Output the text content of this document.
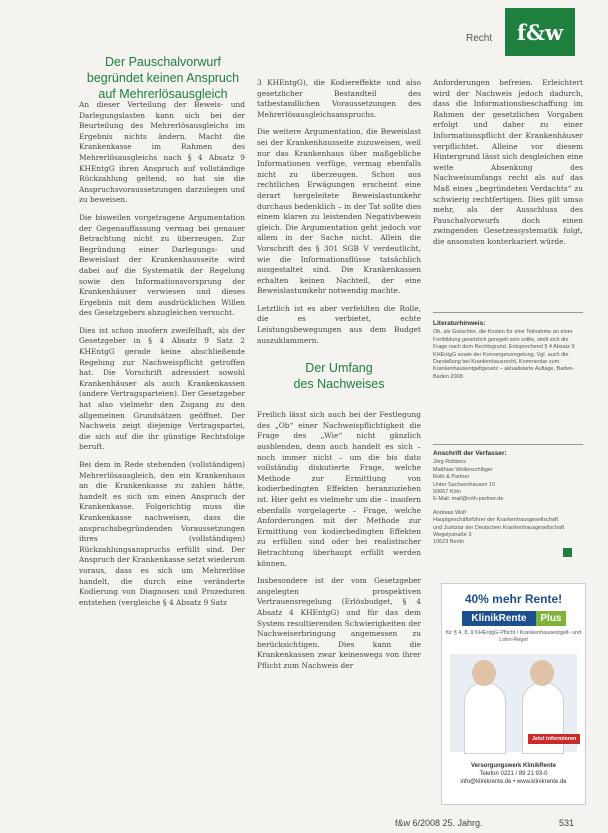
Recht	f&w
Der Pauschalvorwurf
begründet keinen Anspruch
auf Mehrerlösausgleich

An dieser Verteilung der Beweis- und Darlegungslasten kann sich bei der Beurteilung des Mehrerlösausgleichs im Ergebnis nichts ändern. Macht die Krankenkasse im Rahmen des Mehrerlösausgleichs nach § 4 Absatz 9 KHEntgG ihren Anspruch auf vollständige Rückzahlung geltend, so hat sie die Anspruchsvoraussetzungen darzulegen und zu beweisen.

Die bisweilen vorgetragene Argumentation der Gegenauffassung vermag bei genauer Betrachtung nicht zu überzeugen. Zur Begründung einer Darlegungs- und Beweislast der Krankenhausseite wird dabei auf die Systematik der Regelung sowie den Informationsvorsprung der Krankenhäuser verwiesen und dieses Ergebnis mit dem ausdrücklichen Willen des Gesetzgebers abzugleichen versucht.

Dies ist schon insofern zweifelhaft, als der Gesetzgeber in § 4 Absatz 9 Satz 2 KHEntgG gerade keine abschließende Regelung zur Nachweispflicht getroffen hat. Die Vorschrift adressiert sowohl Krankenhäuser als auch Krankenkassen (andere Vertragsparteien). Der Gesetzgeber hat also vielmehr den Zugang zu den allgemeinen Grundsätzen geöffnet. Der Nachweis zeigt diejenige Vertragspartei, die sich auf die ihr günstige Rechtsfolge beruft.

Bei dem in Rede stehenden (vollständigen) Mehrerlösausgleich, den ein Krankenhaus an die Krankenkasse zu zahlen hätte, handelt es sich um einen Anspruch der Krankenkasse. Folgerichtig muss die Krankenkasse nachweisen, dass die anspruchsbegründenden Voraussetzungen ihres (vollständigen) Rückzahlungsanspruchs erfüllt sind. Der Anspruch der Krankenkasse setzt wiederum voraus, dass es sich um Mehrerlöse handelt, die durch eine veränderte Kodierung von Diagnosen und Prozeduren entstehen (vergleiche § 4 Absatz 9 Satz

3 KHEntgG), die Kodiereffekte und also gesetzlicher Bestandteil des tatbestandlichen Voraussetzungen des Mehrerlösausgleichsanspruchs.

Die weitere Argumentation, die Beweislast sei der Krankenhausseite zuzuweisen, weil nur das Krankenhaus über maßgebliche Informationen verfüge, vermag ebenfalls nicht zu überzeugen. Schon aus rechtlichen Erwägungen erscheint eine derart hergeleitete Beweislastumkehr durchaus bedenklich – in der Tat sollte dies einem klaren zu leistenden Negativbeweis gleich. Die Argumentation geht jedoch vor allem in der Sache nicht. Allein die Vorschrift des § 301 SGB V verdeutlicht, wie die Informationsflüsse tatsächlich ausgestaltet sind. Die Krankenkassen erhalten keinen Nachteil, der eine Beweislastumkehr notwendig machte.

Letztlich ist es aber verfehlten die Rolle, die es verbietet, echte Leistungsbewegungen aus dem Budget auszuklammern.

Der Umfang
des Nachweises

Freilich lässt sich auch bei der Festlegung des „Ob“ einer Nachweispflichtigkeit die Frage des „Wie“ nicht gänzlich ausblenden, denn auch handelt es sich – noch immer nicht – um die bis dato vollständig diskutierte Frage, welche Methode zur Ermittlung von kodierbedingten Effekten heranzuziehen ist. Hier geht es vielmehr um die – insofern ebenfalls vorgelagerte – Frage, welche Anforderungen mit der Methode zur Ermittlung von kodierbedingten Effekten zu erfüllen sind oder bei realistischer Betrachtung überhaupt erfüllt werden können.

Insbesondere ist der vom Gesetzgeber angelegten prospektiven Vertrauensregelung (Erlösbudget, § 4 Absatz 4 KHEntgG) und für das dem System resultierenden Schwierigkeiten der Nachweiserbringung angemessen zu berücksichtigen. Dies kann die Krankenkassen zwar keineswegs von ihrer Pflicht zum Nachweis der

Anforderungen befreien. Erleichtert wird der Nachweis jedoch dadurch, dass die Informationsbeschaffung im Rahmen der gesetzlichen Vorgaben erfolgt und daher zu einer Informationspflicht der Krankenhäuser verpflichtet. Alleine vor diesem Hintergrund lässt sich desgleichen eine weite Absenkung des Nachweisumfangs recht als auf das Maß eines „begründeten Verdachts“ zu schwierig rechtfertigen. Dies gilt umso mehr, als der Ausschluss des Pauschalvorwurfs doch einen zwingenden Gesetzessystematik folgt, die ansonsten konterkariert würde.

Literaturhinweis:
Ob, als Gutachter, die Kosten für eine Teilnahme an einer Fortbildung gesetzlich geregelt sein sollte, stellt sich die Frage nach dem Rechtsgrund. Entsprechend § 4 Absatz 9 KHEntgG sowie der Konvergenzregelung. Vgl. auch die Darstellung bei Krankenhausrecht, Kommentar zum Krankenhausentgeltgesetz – aktualisierte Auflage, Baden-Baden 2008.
Anschrift der Verfasser:
Jörg Robbers
Matthias Wollenschläger
Roth & Partner
Unter Sachsenhausen 10
50667 Köln
E-Mail: mail@roth-partner.de
Andreas Wolf
Hauptgeschäftsführer der Krankenhausgesellschaft
und Justiziar der Deutschen Krankenhausgesellschaft
Wegelystraße 3
10623 Berlin
40% mehr Rente!
KlinikRente	Plus
für § 4, 8, 9 KHEntgG-Pflicht / Krankenhausentgelt- und Lohn-Regel
Jetzt informieren
Versorgungswerk KlinikRente
Telefon 0221 / 89 21 93-0
info@klinikrente.de • www.klinikrente.de
f&w 6/2008 25. Jahrg.	531
